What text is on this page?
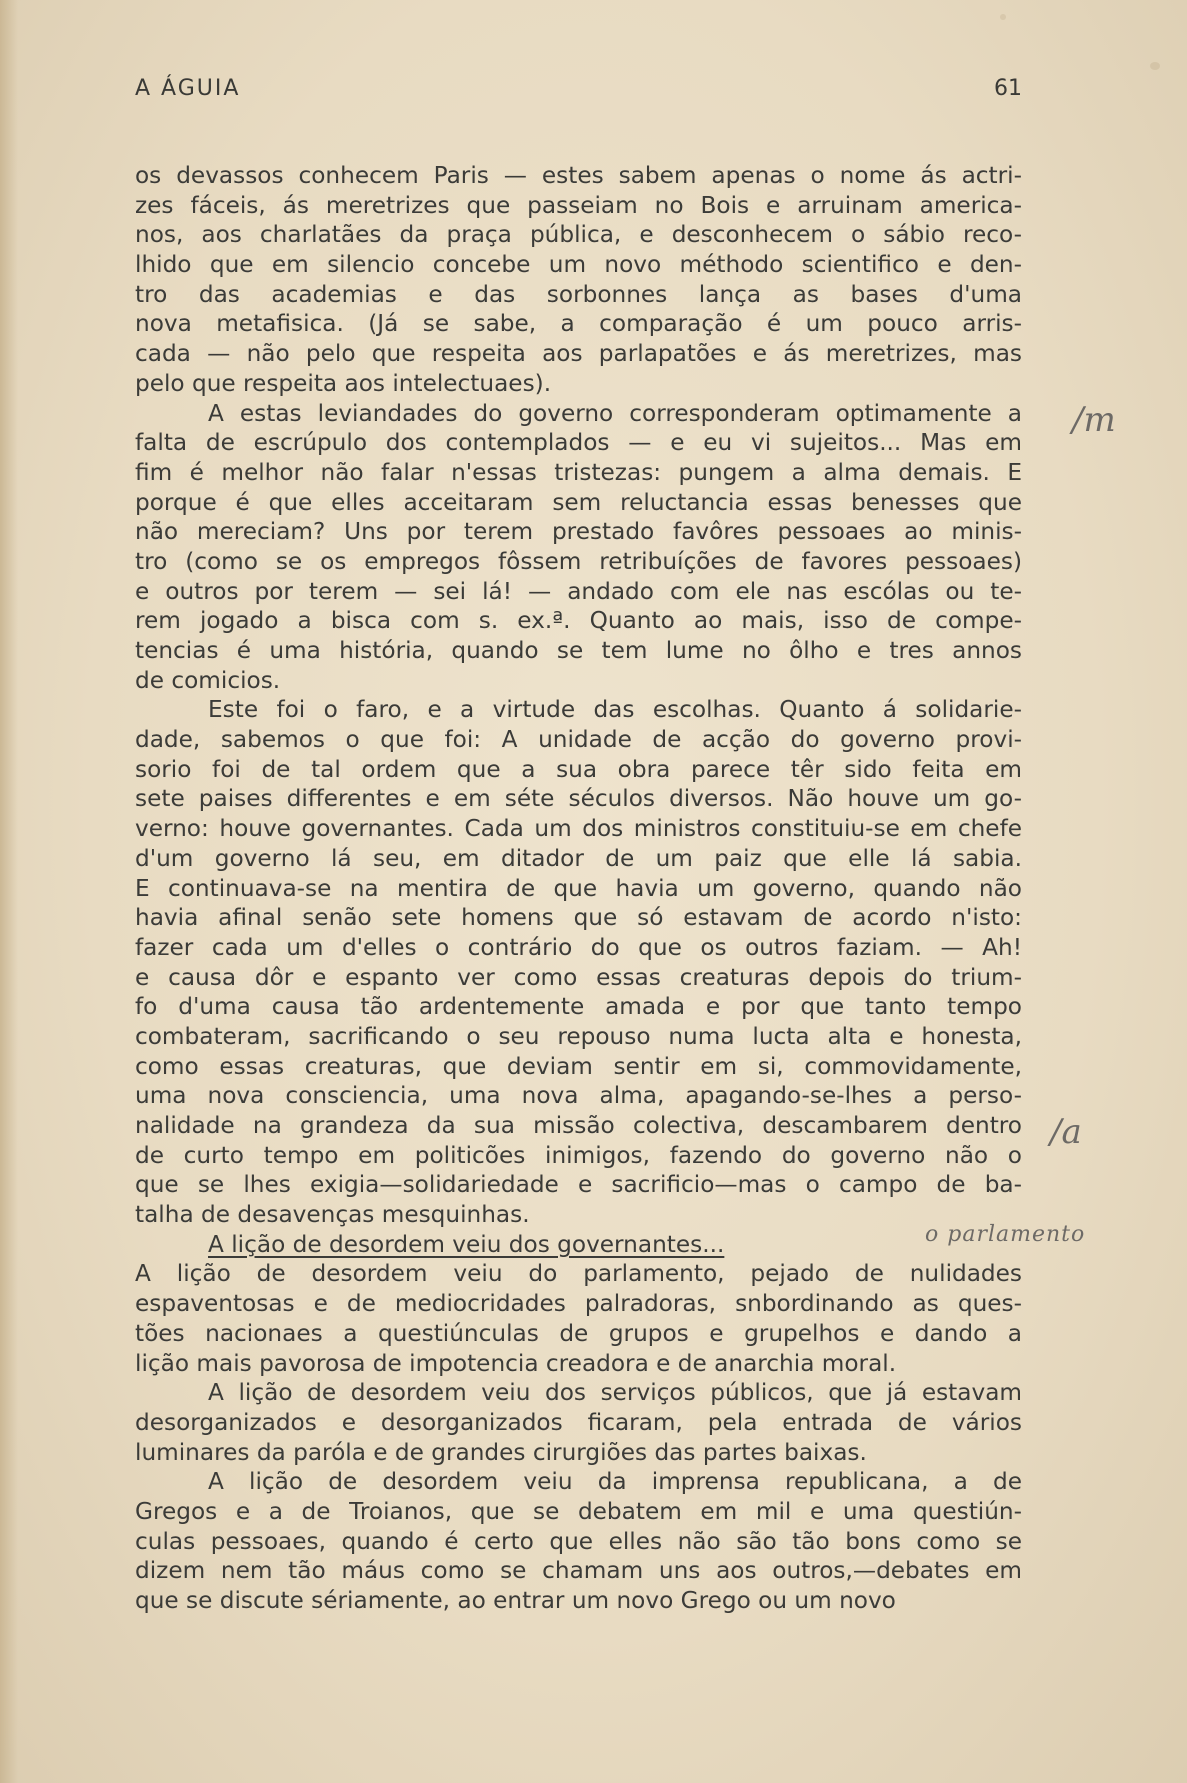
A ÁGUIA	61
os devassos conhecem Paris — estes sabem apenas o nome ás actri-
zes fáceis, ás meretrizes que passeiam no Bois e arruinam america-
nos, aos charlatães da praça pública, e desconhecem o sábio reco-
lhido que em silencio concebe um novo méthodo scientifico e den-
tro das academias e das sorbonnes lança as bases d'uma
nova metafisica. (Já se sabe, a comparação é um pouco arris-
cada — não pelo que respeita aos parlapatões e ás meretrizes, mas
pelo que respeita aos intelectuaes).
A estas leviandades do governo corresponderam optimamente a
falta de escrúpulo dos contemplados — e eu vi sujeitos... Mas em
fim é melhor não falar n'essas tristezas: pungem a alma demais. E
porque é que elles acceitaram sem reluctancia essas benesses que
não mereciam? Uns por terem prestado favôres pessoaes ao minis-
tro (como se os empregos fôssem retribuíções de favores pessoaes)
e outros por terem — sei lá! — andado com ele nas escólas ou te-
rem jogado a bisca com s. ex.ª. Quanto ao mais, isso de compe-
tencias é uma história, quando se tem lume no ôlho e tres annos
de comicios.
Este foi o faro, e a virtude das escolhas. Quanto á solidarie-
dade, sabemos o que foi: A unidade de acção do governo provi-
sorio foi de tal ordem que a sua obra parece têr sido feita em
sete paises differentes e em séte séculos diversos. Não houve um go-
verno: houve governantes. Cada um dos ministros constituiu-se em chefe
d'um governo lá seu, em ditador de um paiz que elle lá sabia.
E continuava-se na mentira de que havia um governo, quando não
havia afinal senão sete homens que só estavam de acordo n'isto:
fazer cada um d'elles o contrário do que os outros faziam. — Ah!
e causa dôr e espanto ver como essas creaturas depois do trium-
fo d'uma causa tão ardentemente amada e por que tanto tempo
combateram, sacrificando o seu repouso numa lucta alta e honesta,
como essas creaturas, que deviam sentir em si, commovidamente,
uma nova consciencia, uma nova alma, apagando-se-lhes a perso-
nalidade na grandeza da sua missão colectiva, descambarem dentro
de curto tempo em politicões inimigos, fazendo do governo não o
que se lhes exigia—solidariedade e sacrificio—mas o campo de ba-
talha de desavenças mesquinhas.
A lição de desordem veiu dos governantes...
A lição de desordem veiu do parlamento, pejado de nulidades
espaventosas e de mediocridades palradoras, snbordinando as ques-
tões nacionaes a questiúnculas de grupos e grupelhos e dando a
lição mais pavorosa de impotencia creadora e de anarchia moral.
A lição de desordem veiu dos serviços públicos, que já estavam
desorganizados e desorganizados ficaram, pela entrada de vários
luminares da paróla e de grandes cirurgiões das partes baixas.
A lição de desordem veiu da imprensa republicana, a de
Gregos e a de Troianos, que se debatem em mil e uma questiún-
culas pessoaes, quando é certo que elles não são tão bons como se
dizem nem tão máus como se chamam uns aos outros,—debates em
que se discute sériamente, ao entrar um novo Grego ou um novo
/m
/a
o parlamento
